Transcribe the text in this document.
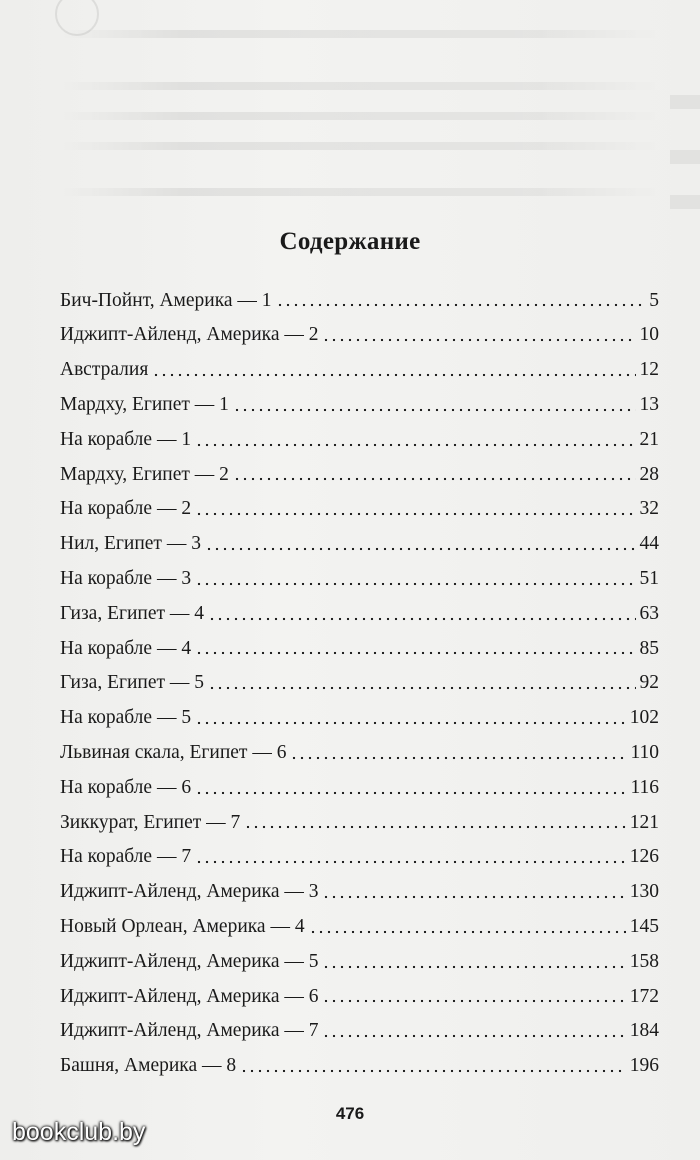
Содержание
Бич-Пойнт, Америка — 1	5
Иджипт-Айленд, Америка — 2	10
Австралия	12
Мардху, Египет — 1	13
На корабле — 1	21
Мардху, Египет — 2	28
На корабле — 2	32
Нил, Египет — 3	44
На корабле — 3	51
Гиза, Египет — 4	63
На корабле — 4	85
Гиза, Египет — 5	92
На корабле — 5	102
Львиная скала, Египет — 6	110
На корабле — 6	116
Зиккурат, Египет — 7	121
На корабле — 7	126
Иджипт-Айленд, Америка — 3	130
Новый Орлеан, Америка — 4	145
Иджипт-Айленд, Америка — 5	158
Иджипт-Айленд, Америка — 6	172
Иджипт-Айленд, Америка — 7	184
Башня, Америка — 8	196
476
bookclub.by
